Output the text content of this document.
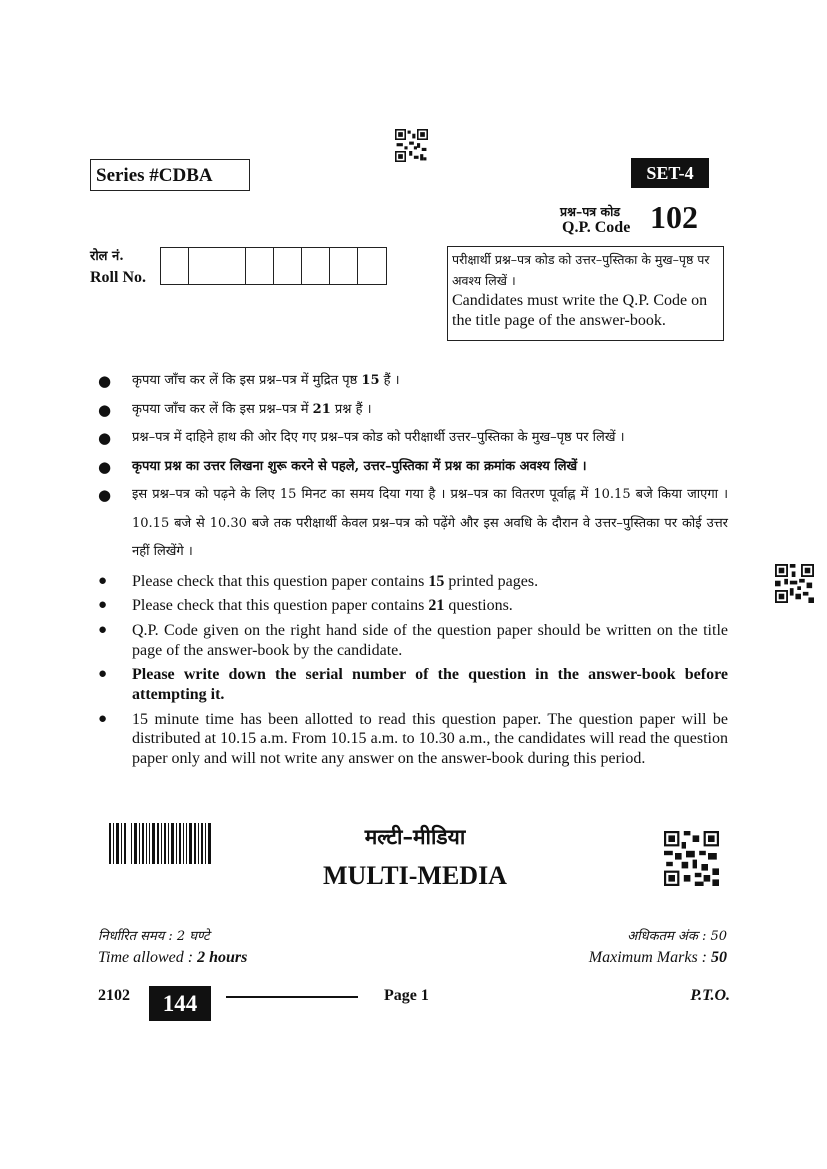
Series #CDBA	SET-4
प्रश्न–पत्र कोड
Q.P. Code 102
रोल नं.
Roll No.
परीक्षार्थी प्रश्न–पत्र कोड को उत्तर–पुस्तिका के मुख–पृष्ठ पर अवश्य लिखें ।
Candidates must write the Q.P. Code on the title page of the answer-book.
● कृपया जाँच कर लें कि इस प्रश्न–पत्र में मुद्रित पृष्ठ 15 हैं ।
● कृपया जाँच कर लें कि इस प्रश्न–पत्र में 21 प्रश्न हैं ।
● प्रश्न–पत्र में दाहिने हाथ की ओर दिए गए प्रश्न–पत्र कोड को परीक्षार्थी उत्तर–पुस्तिका के मुख–पृष्ठ पर लिखें ।
● कृपया प्रश्न का उत्तर लिखना शुरू करने से पहले, उत्तर–पुस्तिका में प्रश्न का क्रमांक अवश्य लिखें ।
● इस प्रश्न–पत्र को पढ़ने के लिए 15 मिनट का समय दिया गया है । प्रश्न–पत्र का वितरण पूर्वाह्न में 10.15 बजे किया जाएगा । 10.15 बजे से 10.30 बजे तक परीक्षार्थी केवल प्रश्न–पत्र को पढ़ेंगे और इस अवधि के दौरान वे उत्तर–पुस्तिका पर कोई उत्तर नहीं लिखेंगे ।
● Please check that this question paper contains 15 printed pages.
● Please check that this question paper contains 21 questions.
● Q.P. Code given on the right hand side of the question paper should be written on the title page of the answer-book by the candidate.
● Please write down the serial number of the question in the answer-book before attempting it.
● 15 minute time has been allotted to read this question paper. The question paper will be distributed at 10.15 a.m. From 10.15 a.m. to 10.30 a.m., the candidates will read the question paper only and will not write any answer on the answer-book during this period.
मल्टी–मीडिया
MULTI-MEDIA
निर्धारित समय : 2 घण्टे
Time allowed : 2 hours
अधिकतम अंक : 50
Maximum Marks : 50
2102	144	Page 1	P.T.O.
